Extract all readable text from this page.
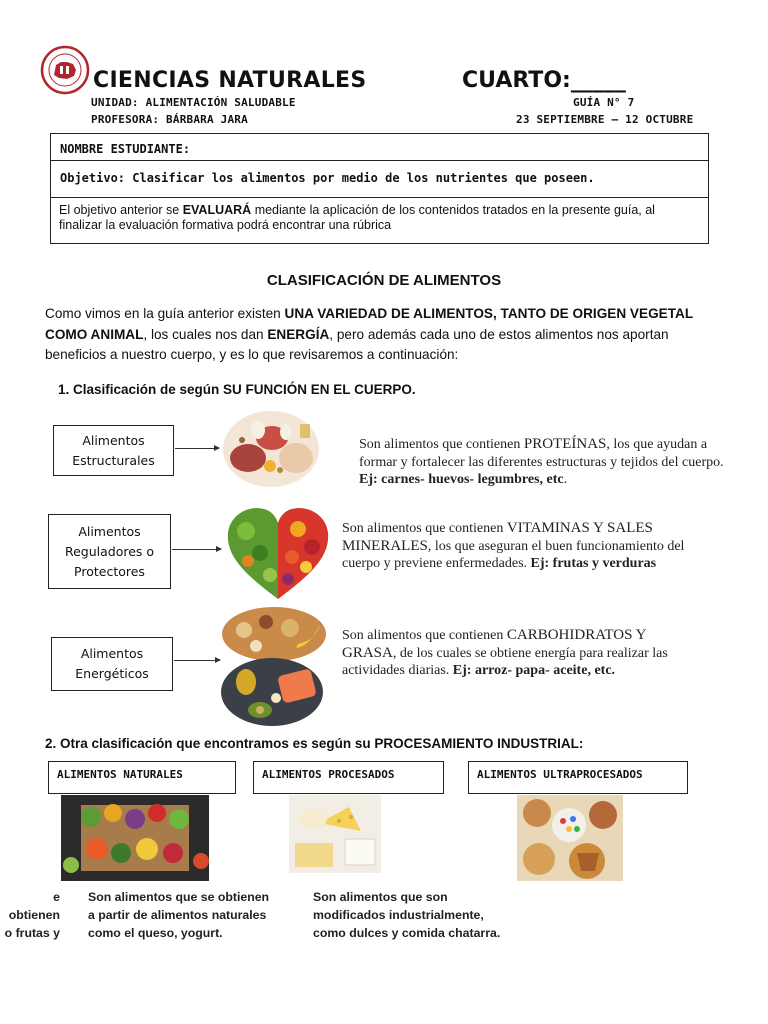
CIENCIAS NATURALES	CUARTO:_____
UNIDAD: ALIMENTACIÓN SALUDABLE
PROFESORA: BÁRBARA JARA
GUÍA N° 7
23 SEPTIEMBRE – 12 OCTUBRE
NOMBRE ESTUDIANTE:
Objetivo: Clasificar los alimentos por medio de los nutrientes que poseen.

El objetivo anterior se EVALUARÁ mediante la aplicación de los contenidos tratados en la presente guía, al finalizar la evaluación formativa podrá encontrar una rúbrica

CLASIFICACIÓN DE ALIMENTOS

Como vimos en la guía anterior existen UNA VARIEDAD DE ALIMENTOS, TANTO DE ORIGEN VEGETAL COMO ANIMAL, los cuales nos dan ENERGÍA, pero además cada uno de estos alimentos nos aportan beneficios a nuestro cuerpo, y es lo que revisaremos a continuación:

1. Clasificación de según SU FUNCIÓN EN EL CUERPO.
Alimentos
Estructurales

Son alimentos que contienen PROTEÍNAS, los que ayudan a formar y fortalecer las diferentes estructuras y tejidos del cuerpo. Ej: carnes- huevos- legumbres, etc.

Alimentos
Reguladores o
Protectores

Son alimentos que contienen VITAMINAS Y SALES MINERALES, los que aseguran el buen funcionamiento del cuerpo y previene enfermedades. Ej: frutas y verduras

Alimentos
Energéticos

Son alimentos que contienen CARBOHIDRATOS Y GRASA, de los cuales se obtiene energía para realizar las actividades diarias. Ej: arroz- papa- aceite, etc.

2. Otra clasificación que encontramos es según su PROCESAMIENTO INDUSTRIAL:
ALIMENTOS NATURALES	ALIMENTOS PROCESADOS	ALIMENTOS ULTRAPROCESADOS
e obtienen
o frutas y
Son alimentos que se obtienen
a partir de alimentos naturales
como el queso, yogurt.
Son alimentos que son
modificados industrialmente,
como dulces y comida chatarra.
